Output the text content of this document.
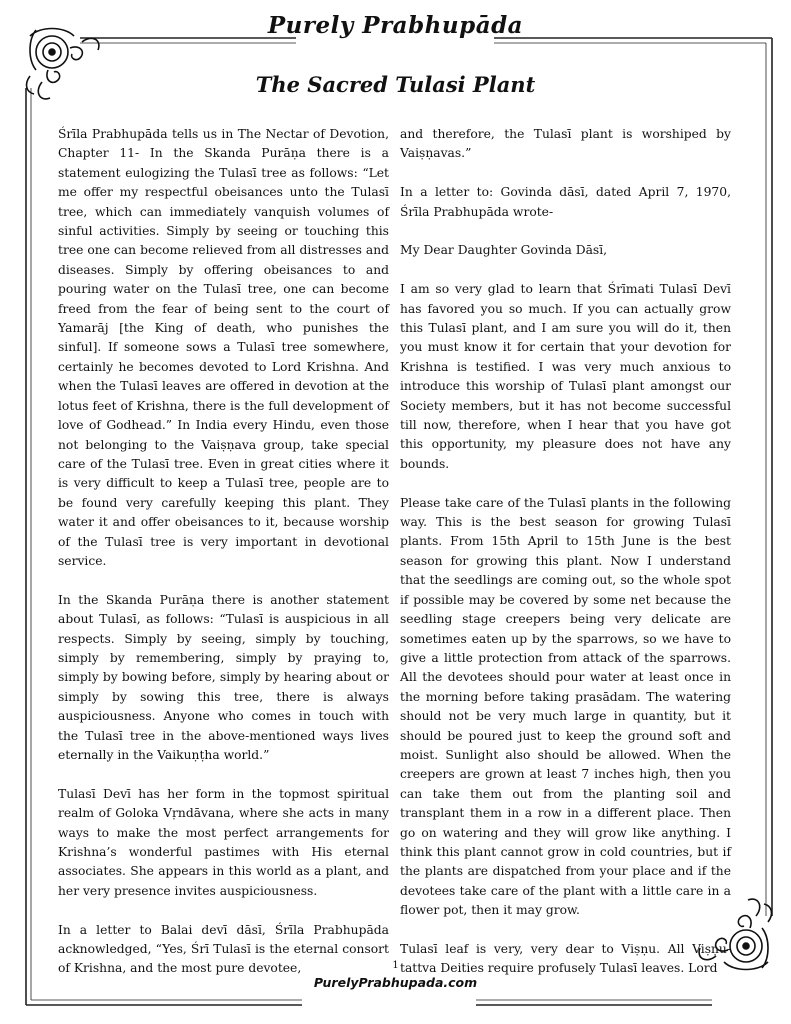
Purely Prabhupāda
The Sacred Tulasi Plant

Śrīla Prabhupāda tells us in The Nectar of Devotion, Chapter 11- In the Skanda Purāṇa there is a statement eulogizing the Tulasī tree as follows: “Let me offer my respectful obeisances unto the Tulasī tree, which can immediately vanquish volumes of sinful activities. Simply by seeing or touching this tree one can become relieved from all distresses and diseases. Simply by offering obeisances to and pouring water on the Tulasī tree, one can become freed from the fear of being sent to the court of Yamarāj [the King of death, who punishes the sinful]. If someone sows a Tulasī tree somewhere, certainly he becomes devoted to Lord Krishna. And when the Tulasī leaves are offered in devotion at the lotus feet of Krishna, there is the full development of love of Godhead.” In India every Hindu, even those not belonging to the Vaiṣṇava group, take special care of the Tulasī tree. Even in great cities where it is very difficult to keep a Tulasī tree, people are to be found very carefully keeping this plant. They water it and offer obeisances to it, because worship of the Tulasī tree is very important in devotional service.

In the Skanda Purāṇa there is another statement about Tulasī, as follows: “Tulasī is auspicious in all respects. Simply by seeing, simply by touching, simply by remembering, simply by praying to, simply by bowing before, simply by hearing about or simply by sowing this tree, there is always auspiciousness. Anyone who comes in touch with the Tulasī tree in the above-mentioned ways lives eternally in the Vaikuṇṭha world.”

Tulasī Devī has her form in the topmost spiritual realm of Goloka Vṛndāvana, where she acts in many ways to make the most perfect arrangements for Krishna’s wonderful pastimes with His eternal associates. She appears in this world as a plant, and her very presence invites auspiciousness.

In a letter to Balai devī dāsī, Śrīla Prabhupāda acknowledged, “Yes, Śrī Tulasī is the eternal consort of Krishna, and the most pure devotee,

and therefore, the Tulasī plant is worshiped by Vaiṣṇavas.”

In a letter to: Govinda dāsī, dated April 7, 1970, Śrīla Prabhupāda wrote-

My Dear Daughter Govinda Dāsī,

I am so very glad to learn that Śrīmati Tulasī Devī has favored you so much. If you can actually grow this Tulasī plant, and I am sure you will do it, then you must know it for certain that your devotion for Krishna is testified. I was very much anxious to introduce this worship of Tulasī plant amongst our Society members, but it has not become successful till now, therefore, when I hear that you have got this opportunity, my pleasure does not have any bounds.

Please take care of the Tulasī plants in the following way. This is the best season for growing Tulasī plants. From 15th April to 15th June is the best season for growing this plant. Now I understand that the seedlings are coming out, so the whole spot if possible may be covered by some net because the seedling stage creepers being very delicate are sometimes eaten up by the sparrows, so we have to give a little protection from attack of the sparrows. All the devotees should pour water at least once in the morning before taking prasādam. The watering should not be very much large in quantity, but it should be poured just to keep the ground soft and moist. Sunlight also should be allowed. When the creepers are grown at least 7 inches high, then you can take them out from the planting soil and transplant them in a row in a different place. Then go on watering and they will grow like anything. I think this plant cannot grow in cold countries, but if the plants are dispatched from your place and if the devotees take care of the plant with a little care in a flower pot, then it may grow.

Tulasī leaf is very, very dear to Viṣṇu. All Viṣṇu-tattva Deities require profusely Tulasī leaves. Lord

1
PurelyPrabhupada.com
